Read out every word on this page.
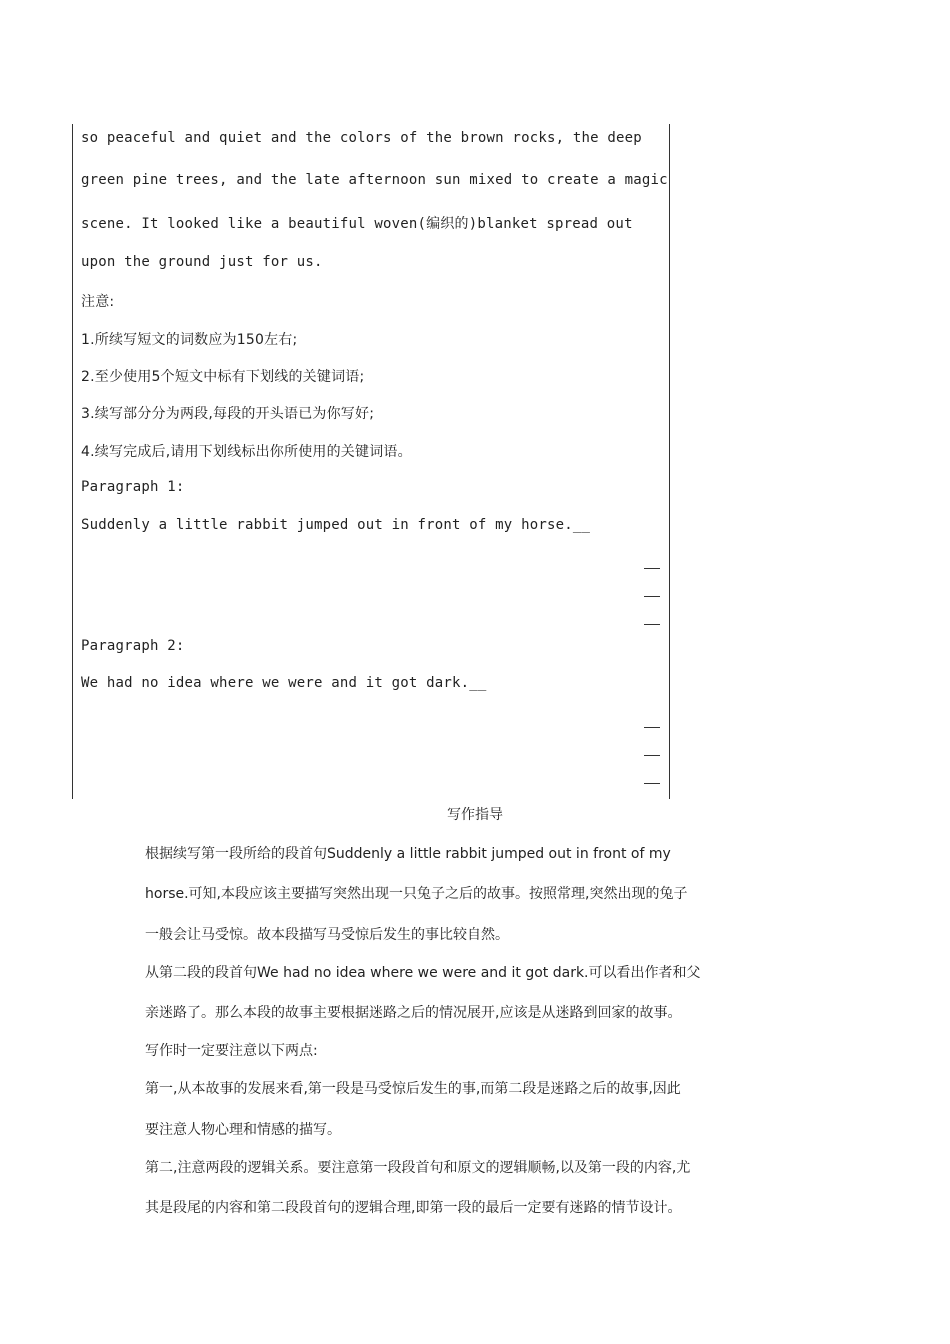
so peaceful and quiet and the colors of the brown rocks, the deep
green pine trees, and the late afternoon sun mixed to create a magic
scene. It looked like a beautiful woven(编织的)blanket spread out
upon the ground just for us.
注意:
1.所续写短文的词数应为150左右;
2.至少使用5个短文中标有下划线的关键词语;
3.续写部分分为两段,每段的开头语已为你写好;
4.续写完成后,请用下划线标出你所使用的关键词语。
Paragraph 1:
Suddenly a little rabbit jumped out in front of my horse.__
Paragraph 2:
We had no idea where we were and it got dark.__
写作指导
根据续写第一段所给的段首句Suddenly a little rabbit jumped out in front of my
horse.可知,本段应该主要描写突然出现一只兔子之后的故事。按照常理,突然出现的兔子
一般会让马受惊。故本段描写马受惊后发生的事比较自然。
从第二段的段首句We had no idea where we were and it got dark.可以看出作者和父
亲迷路了。那么本段的故事主要根据迷路之后的情况展开,应该是从迷路到回家的故事。
写作时一定要注意以下两点:
第一,从本故事的发展来看,第一段是马受惊后发生的事,而第二段是迷路之后的故事,因此
要注意人物心理和情感的描写。
第二,注意两段的逻辑关系。要注意第一段段首句和原文的逻辑顺畅,以及第一段的内容,尤
其是段尾的内容和第二段段首句的逻辑合理,即第一段的最后一定要有迷路的情节设计。
